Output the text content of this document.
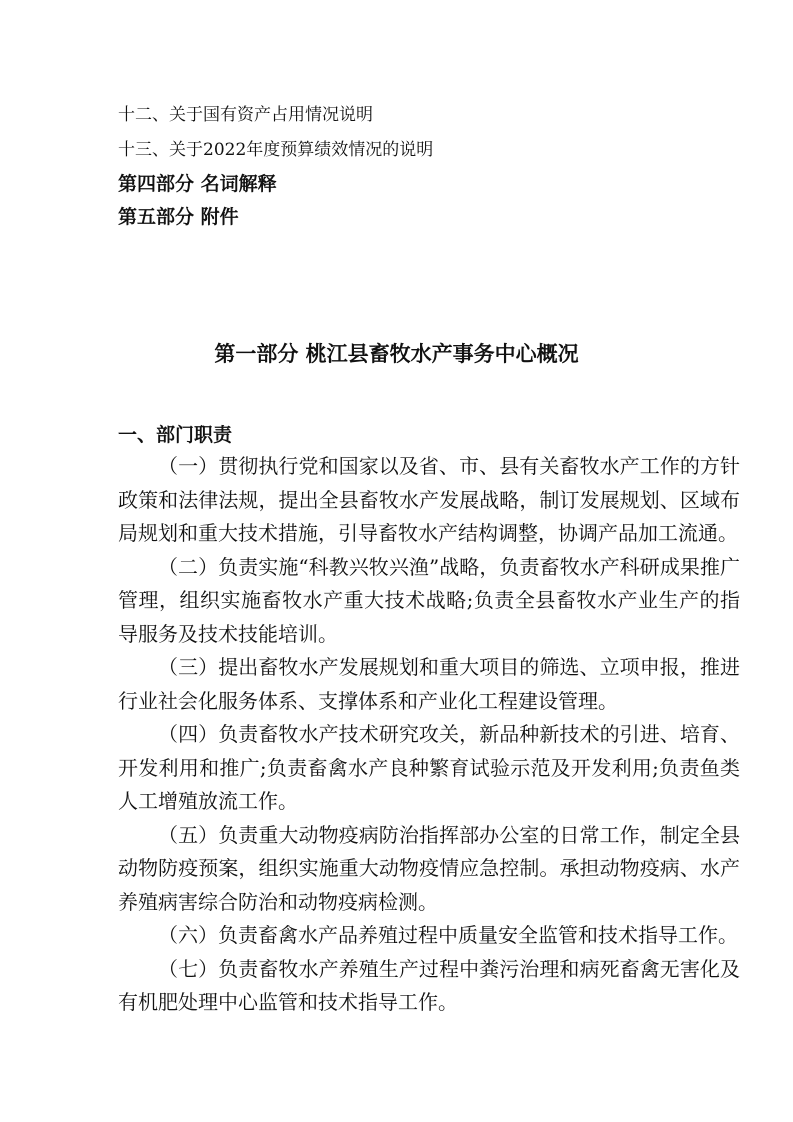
十二、关于国有资产占用情况说明
十三、关于2022年度预算绩效情况的说明
第四部分 名词解释
第五部分 附件
第一部分 桃江县畜牧水产事务中心概况
一、部门职责

（一）贯彻执行党和国家以及省、市、县有关畜牧水产工作的方针政策和法律法规，提出全县畜牧水产发展战略，制订发展规划、区域布局规划和重大技术措施，引导畜牧水产结构调整，协调产品加工流通。

（二）负责实施“科教兴牧兴渔”战略，负责畜牧水产科研成果推广管理，组织实施畜牧水产重大技术战略;负责全县畜牧水产业生产的指导服务及技术技能培训。

（三）提出畜牧水产发展规划和重大项目的筛选、立项申报，推进行业社会化服务体系、支撑体系和产业化工程建设管理。

（四）负责畜牧水产技术研究攻关，新品种新技术的引进、培育、开发利用和推广;负责畜禽水产良种繁育试验示范及开发利用;负责鱼类人工增殖放流工作。

（五）负责重大动物疫病防治指挥部办公室的日常工作，制定全县动物防疫预案，组织实施重大动物疫情应急控制。承担动物疫病、水产养殖病害综合防治和动物疫病检测。

（六）负责畜禽水产品养殖过程中质量安全监管和技术指导工作。

（七）负责畜牧水产养殖生产过程中粪污治理和病死畜禽无害化及有机肥处理中心监管和技术指导工作。
